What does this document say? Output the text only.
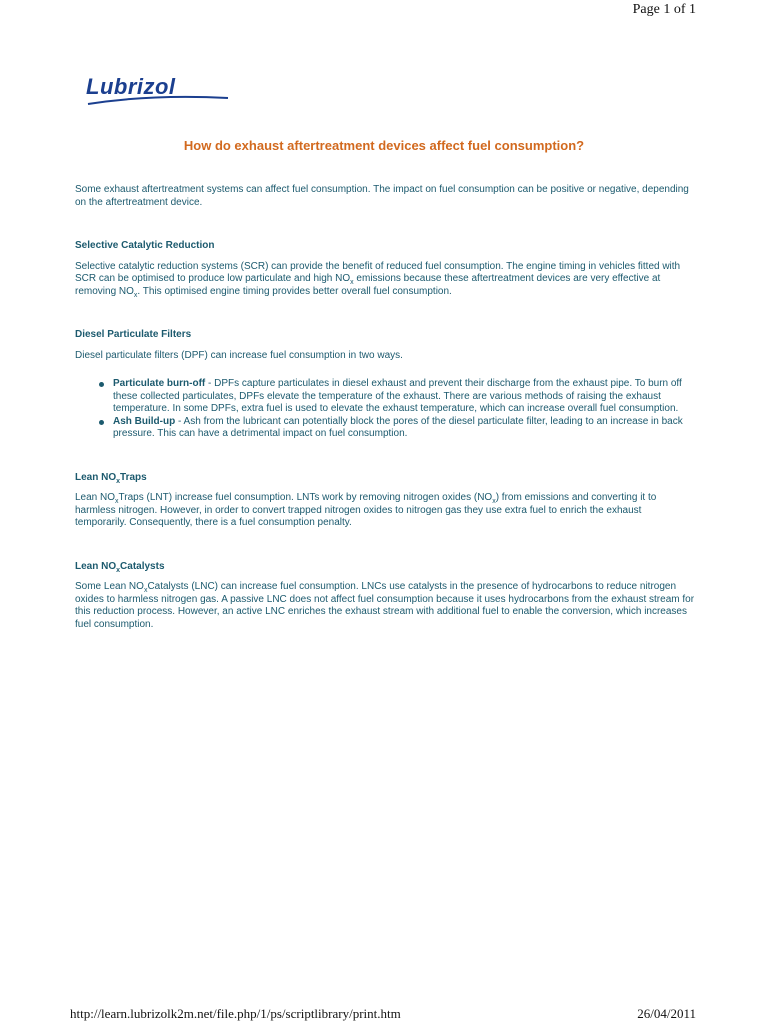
Page 1 of 1
Lubrizol
How do exhaust aftertreatment devices affect fuel consumption?

Some exhaust aftertreatment systems can affect fuel consumption. The impact on fuel consumption can be positive or negative, depending on the aftertreatment device.

Selective Catalytic Reduction

Selective catalytic reduction systems (SCR) can provide the benefit of reduced fuel consumption. The engine timing in vehicles fitted with SCR can be optimised to produce low particulate and high $NO_x$ emissions because these aftertreatment devices are very effective at removing $NO_x$. This optimised engine timing provides better overall fuel consumption.

Diesel Particulate Filters

Diesel particulate filters (DPF) can increase fuel consumption in two ways.

Particulate burn-off - DPFs capture particulates in diesel exhaust and prevent their discharge from the exhaust pipe. To burn off these collected particulates, DPFs elevate the temperature of the exhaust. There are various methods of raising the exhaust temperature. In some DPFs, extra fuel is used to elevate the exhaust temperature, which can increase overall fuel consumption.
Ash Build-up - Ash from the lubricant can potentially block the pores of the diesel particulate filter, leading to an increase in back pressure. This can have a detrimental impact on fuel consumption.

Lean $NO_xTraps$

Lean $NO_xTraps$ (LNT) increase fuel consumption. LNTs work by removing nitrogen oxides $(NO_x)$ from emissions and converting it to harmless nitrogen. However, in order to convert trapped nitrogen oxides to nitrogen gas they use extra fuel to enrich the exhaust temporarily. Consequently, there is a fuel consumption penalty.

Lean $NO_xCatalysts$

Some Lean $NO_xCatalysts$ (LNC) can increase fuel consumption. LNCs use catalysts in the presence of hydrocarbons to reduce nitrogen oxides to harmless nitrogen gas. A passive LNC does not affect fuel consumption because it uses hydrocarbons from the exhaust stream for this reduction process. However, an active LNC enriches the exhaust stream with additional fuel to enable the conversion, which increases fuel consumption.

http://learn.lubrizolk2m.net/file.php/1/ps/scriptlibrary/print.htm	26/04/2011
